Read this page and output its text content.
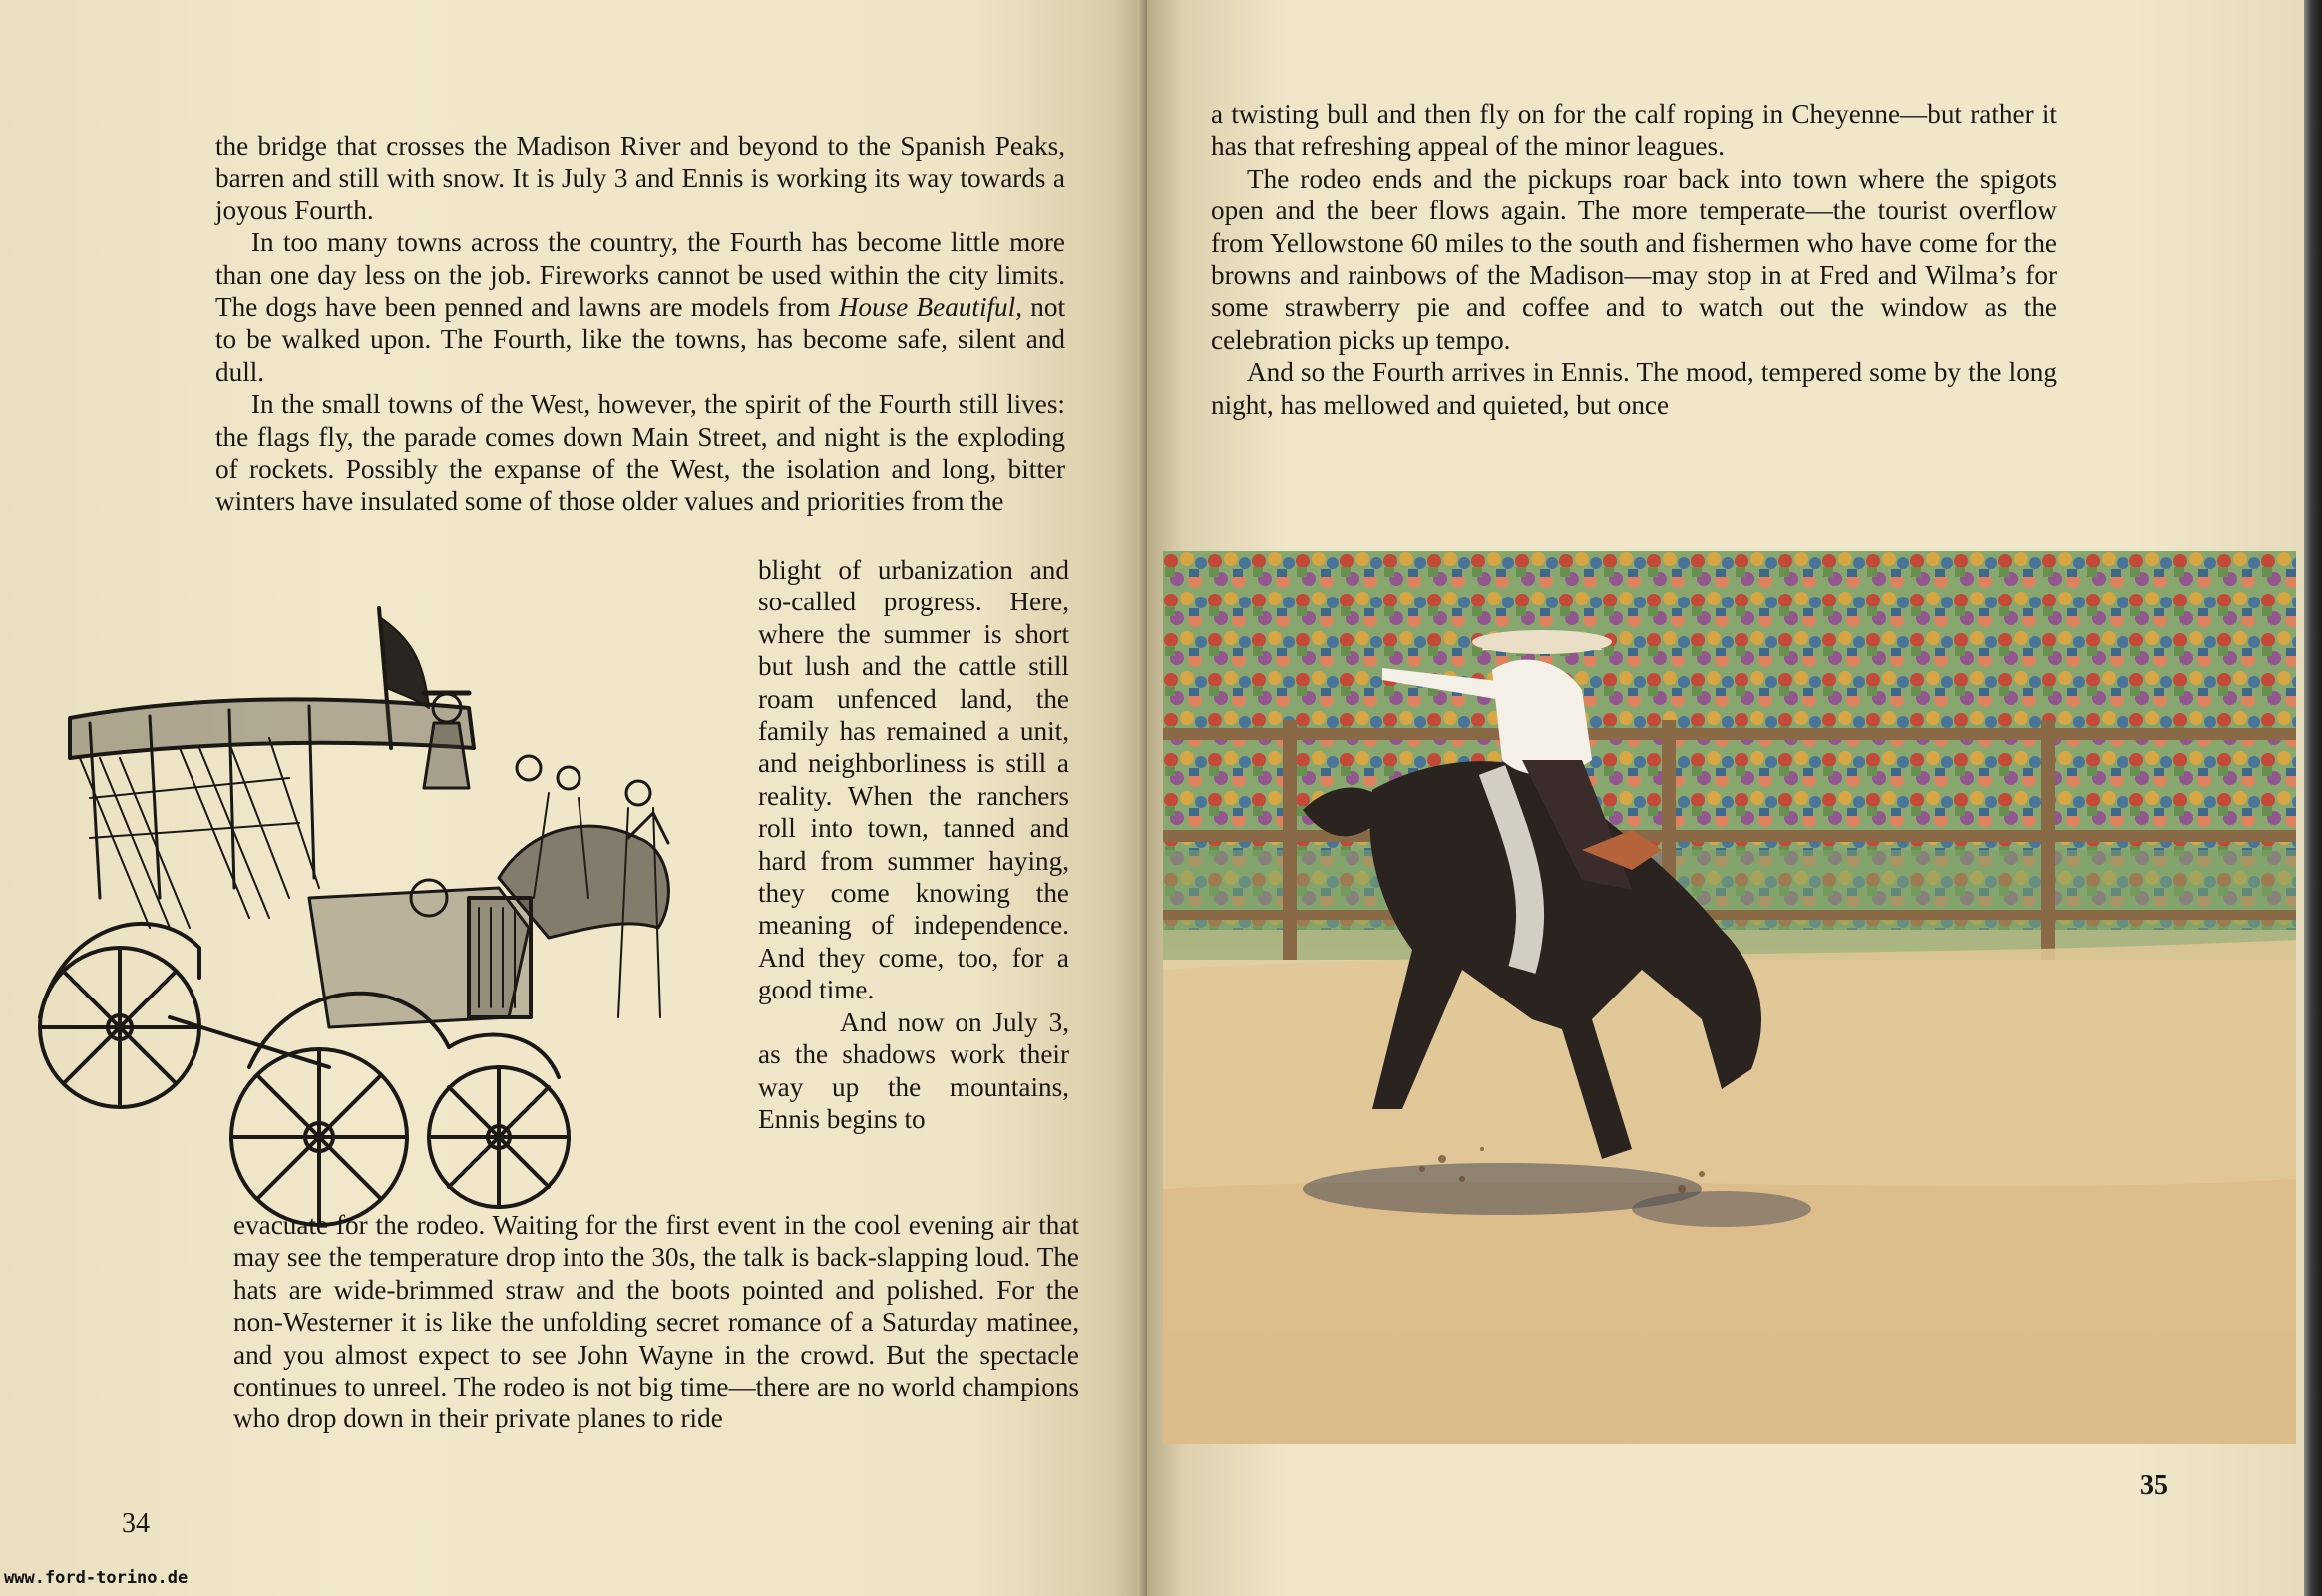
the bridge that crosses the Madison River and beyond to the Spanish Peaks, barren and still with snow. It is July 3 and Ennis is working its way towards a joyous Fourth.

In too many towns across the country, the Fourth has become little more than one day less on the job. Fireworks cannot be used within the city limits. The dogs have been penned and lawns are models from House Beautiful, not to be walked upon. The Fourth, like the towns, has become safe, silent and dull.

In the small towns of the West, however, the spirit of the Fourth still lives: the flags fly, the parade comes down Main Street, and night is the exploding of rockets. Possibly the expanse of the West, the isolation and long, bitter winters have insulated some of those older values and priorities from the

blight of urbanization and so-called progress. Here, where the summer is short but lush and the cattle still roam unfenced land, the family has remained a unit, and neighborliness is still a reality. When the ranchers roll into town, tanned and hard from summer haying, they come knowing the meaning of independence. And they come, too, for a good time.

And now on July 3, as the shadows work their way up the mountains, Ennis begins to

evacuate for the rodeo. Waiting for the first event in the cool evening air that may see the temperature drop into the 30s, the talk is back-slapping loud. The hats are wide-brimmed straw and the boots pointed and polished. For the non-Westerner it is like the unfolding secret romance of a Saturday matinee, and you almost expect to see John Wayne in the crowd. But the spectacle continues to unreel. The rodeo is not big time—there are no world champions who drop down in their private planes to ride

34
www.ford-torino.de

a twisting bull and then fly on for the calf roping in Cheyenne—but rather it has that refreshing appeal of the minor leagues.

The rodeo ends and the pickups roar back into town where the spigots open and the beer flows again. The more temperate—the tourist overflow from Yellowstone 60 miles to the south and fishermen who have come for the browns and rainbows of the Madison—may stop in at Fred and Wilma’s for some strawberry pie and coffee and to watch out the window as the celebration picks up tempo.

And so the Fourth arrives in Ennis. The mood, tempered some by the long night, has mellowed and quieted, but once

35
